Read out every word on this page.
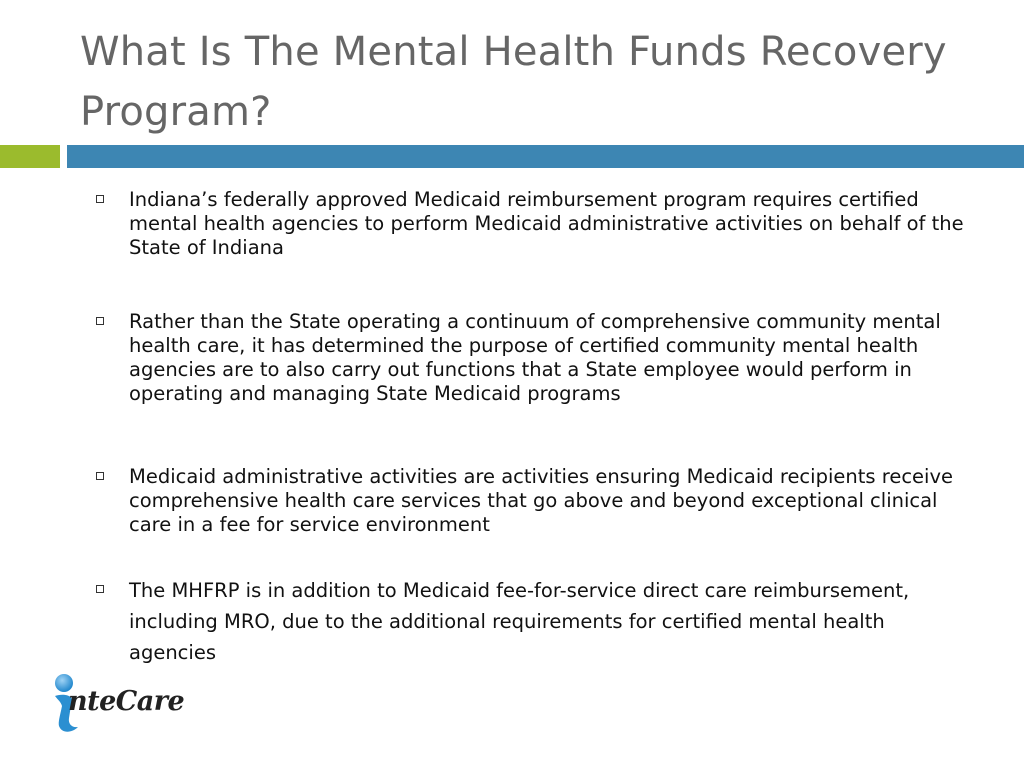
What Is The Mental Health Funds Recovery Program?
Indiana’s federally approved Medicaid reimbursement program requires certified mental health agencies to perform Medicaid administrative activities on behalf of the State of Indiana
Rather than the State operating a continuum of comprehensive community mental health care, it has determined the purpose of certified community mental health agencies are to also carry out functions that a State employee would perform in operating and managing State Medicaid programs
Medicaid administrative activities are activities ensuring Medicaid recipients receive comprehensive health care services that go above and beyond exceptional clinical care in a fee for service environment
The MHFRP is in addition to Medicaid fee-for-service direct care reimbursement, including MRO, due to the additional requirements for certified mental health agencies
nteCare
